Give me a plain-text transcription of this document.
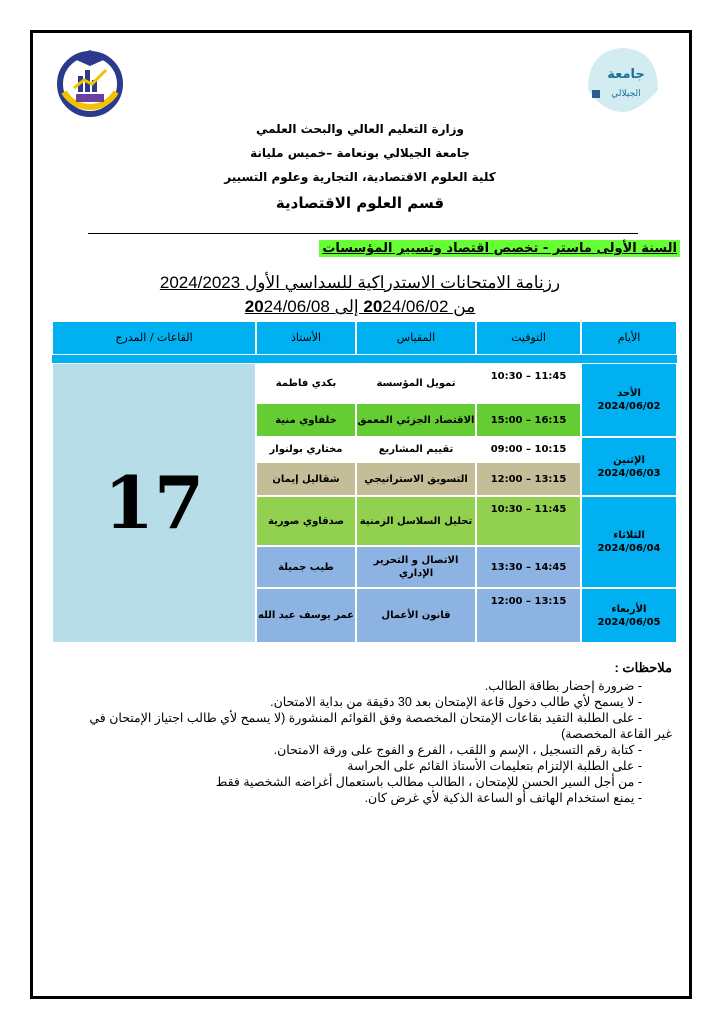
جامعة
الجيلالي
وزارة التعليم العالي والبحث العلمي
جامعة الجيلالي بونعامة –خميس مليانة
كلية العلوم الاقتصادية، التجارية وعلوم التسيير
قسم العلوم الاقتصادية
السنة الأولى ماستر - تخصص اقتصاد وتسيير المؤسسات
رزنامة الامتحانات الاستدراكية للسداسي الأول 2024/2023
من 2024/06/02 إلى 2024/06/08
الأيام
التوقيت
المقياس
الأستاذ
القاعات / المدرج
الأحد
2024/06/02
الإثنين
2024/06/03
الثلاثاء
2024/06/04
الأربعاء
2024/06/05
10:30 – 11:45
تمويل المؤسسة
بكدي فاطمة
15:00 – 16:15
الاقتصاد الجزئي المعمق
خلفاوي منية
09:00 – 10:15
تقييم المشاريع
مختاري بولنوار
12:00 – 13:15
التسويق الاستراتيجي
شقاليل إيمان
10:30 – 11:45
تحليل السلاسل الزمنية
صدقاوي صورية
13:30 – 14:45
الاتصال و التحرير الإداري
طيب جميلة
12:00 – 13:15
قانون الأعمال
عمر يوسف عبد الله
17
ملاحظات :
- ضرورة إحضار بطاقة الطالب.
- لا يسمح لأي طالب دخول قاعة الإمتحان بعد 30 دقيقة من بداية الامتحان.
- على الطلبة التقيد بقاعات الإمتحان المخصصة وفق القوائم المنشورة (لا يسمح لأي طالب اجتياز الإمتحان في
غير القاعة المخصصة)
- كتابة رقم التسجيل ، الإسم و اللقب ، الفرع و الفوج على ورقة الامتحان.
- على الطلبة الإلتزام بتعليمات الأستاذ القائم على الحراسة
- من أجل السير الحسن للإمتحان ، الطالب مطالب باستعمال أغراضه الشخصية فقط
- يمنع استخدام الهاتف أو الساعة الذكية لأي غرض كان.
